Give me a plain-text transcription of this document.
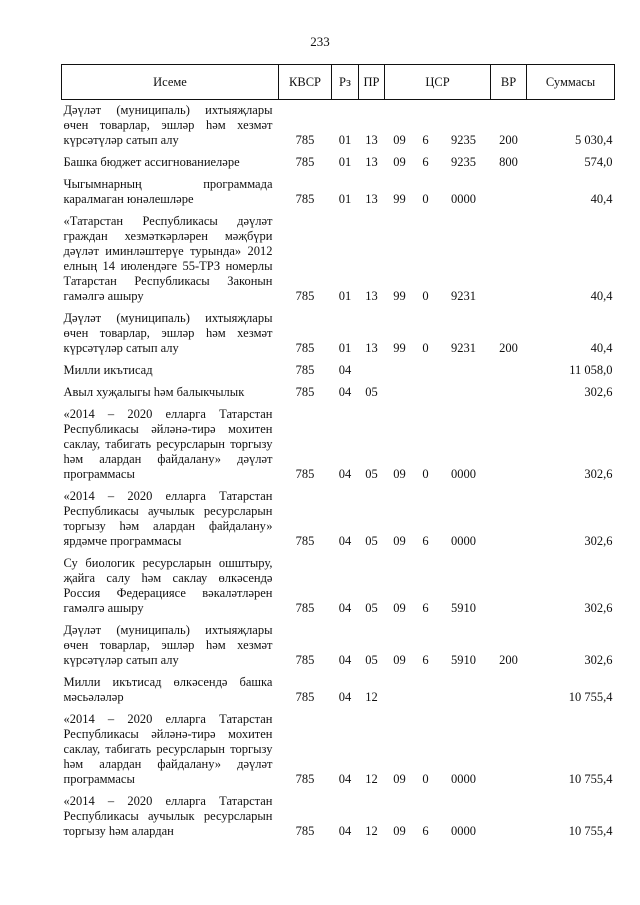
233
Исеме	КВСР	Рз	ПР	ЦСР			ВР	Суммасы
Дәүләт (муниципаль) ихтыяҗлары өчен товарлар, эшләр һәм хезмәт күрсәтүләр сатып алу	785	01	13	09	6	9235	200	5 030,4
Башка бюджет ассигнованиеләре	785	01	13	09	6	9235	800	574,0
Чыгымнарның программада каралмаган юнәлешләре	785	01	13	99	0	0000		40,4
«Татарстан Республикасы дәүләт граждан хезмәткәрләрен мәҗбүри дәүләт иминләштерүе турында» 2012 елның 14 июлендәге 55-ТРЗ номерлы Татарстан Республикасы Законын гамәлгә ашыру	785	01	13	99	0	9231		40,4
Дәүләт (муниципаль) ихтыяҗлары өчен товарлар, эшләр һәм хезмәт күрсәтүләр сатып алу	785	01	13	99	0	9231	200	40,4
Милли икътисад	785	04						11 058,0
Авыл хуҗалыгы һәм балыкчылык	785	04	05					302,6
«2014 – 2020 елларга Татарстан Республикасы әйләнә-тирә мохитен саклау, табигать ресурсларын торгызу һәм алардан файдалану» дәүләт программасы	785	04	05	09	0	0000		302,6
«2014 – 2020 елларга Татарстан Республикасы аучылык ресурсларын торгызу һәм алардан файдалану» ярдәмче программасы	785	04	05	09	6	0000		302,6
Су биологик ресурсларын ошштыру, җайга салу һәм саклау өлкәсендә Россия Федерациясе вәкаләтләрен гамәлгә ашыру	785	04	05	09	6	5910		302,6
Дәүләт (муниципаль) ихтыяҗлары өчен товарлар, эшләр һәм хезмәт күрсәтүләр сатып алу	785	04	05	09	6	5910	200	302,6
Милли икътисад өлкәсендә башка мәсьәләләр	785	04	12					10 755,4
«2014 – 2020 елларга Татарстан Республикасы әйләнә-тирә мохитен саклау, табигать ресурсларын торгызу һәм алардан файдалану» дәүләт программасы	785	04	12	09	0	0000		10 755,4
«2014 – 2020 елларга Татарстан Республикасы аучылык ресурсларын торгызу һәм алардан	785	04	12	09	6	0000		10 755,4
